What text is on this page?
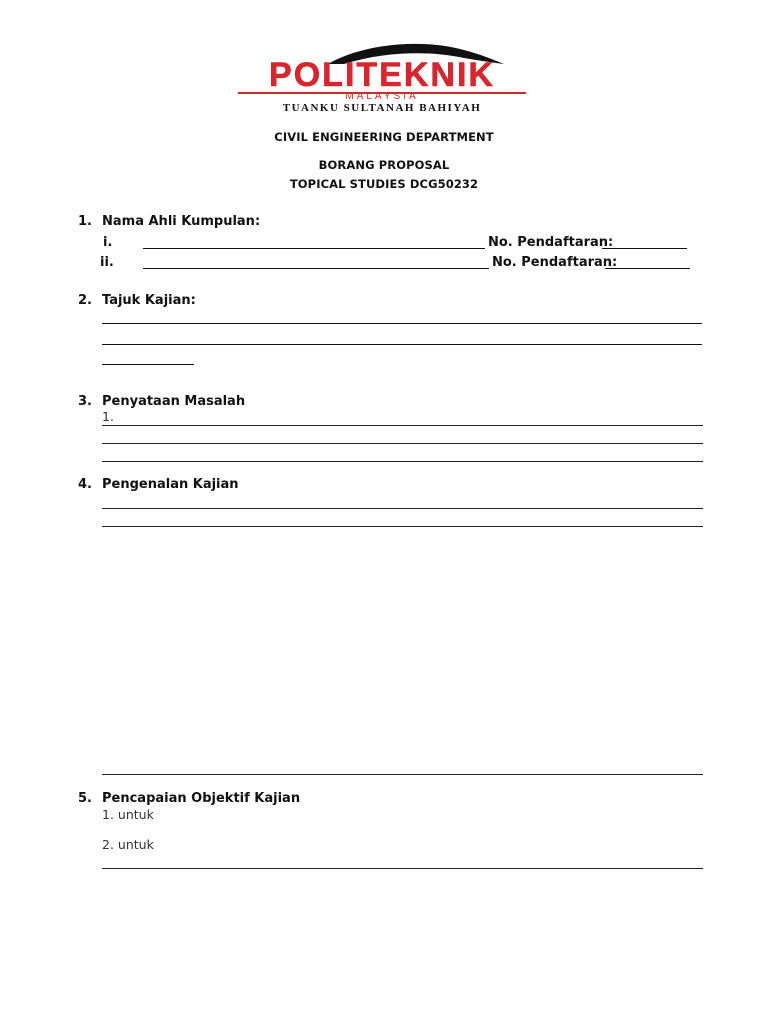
POLITEKNIK
MALAYSIA
TUANKU SULTANAH BAHIYAH
CIVIL ENGINEERING DEPARTMENT
BORANG PROPOSAL
TOPICAL STUDIES DCG50232
1. Nama Ahli Kumpulan:
i.	No. Pendaftaran:
ii.	No. Pendaftaran:
2. Tajuk Kajian:
3. Penyataan Masalah
1.
4. Pengenalan Kajian
5. Pencapaian Objektif Kajian
1. untuk
2. untuk
